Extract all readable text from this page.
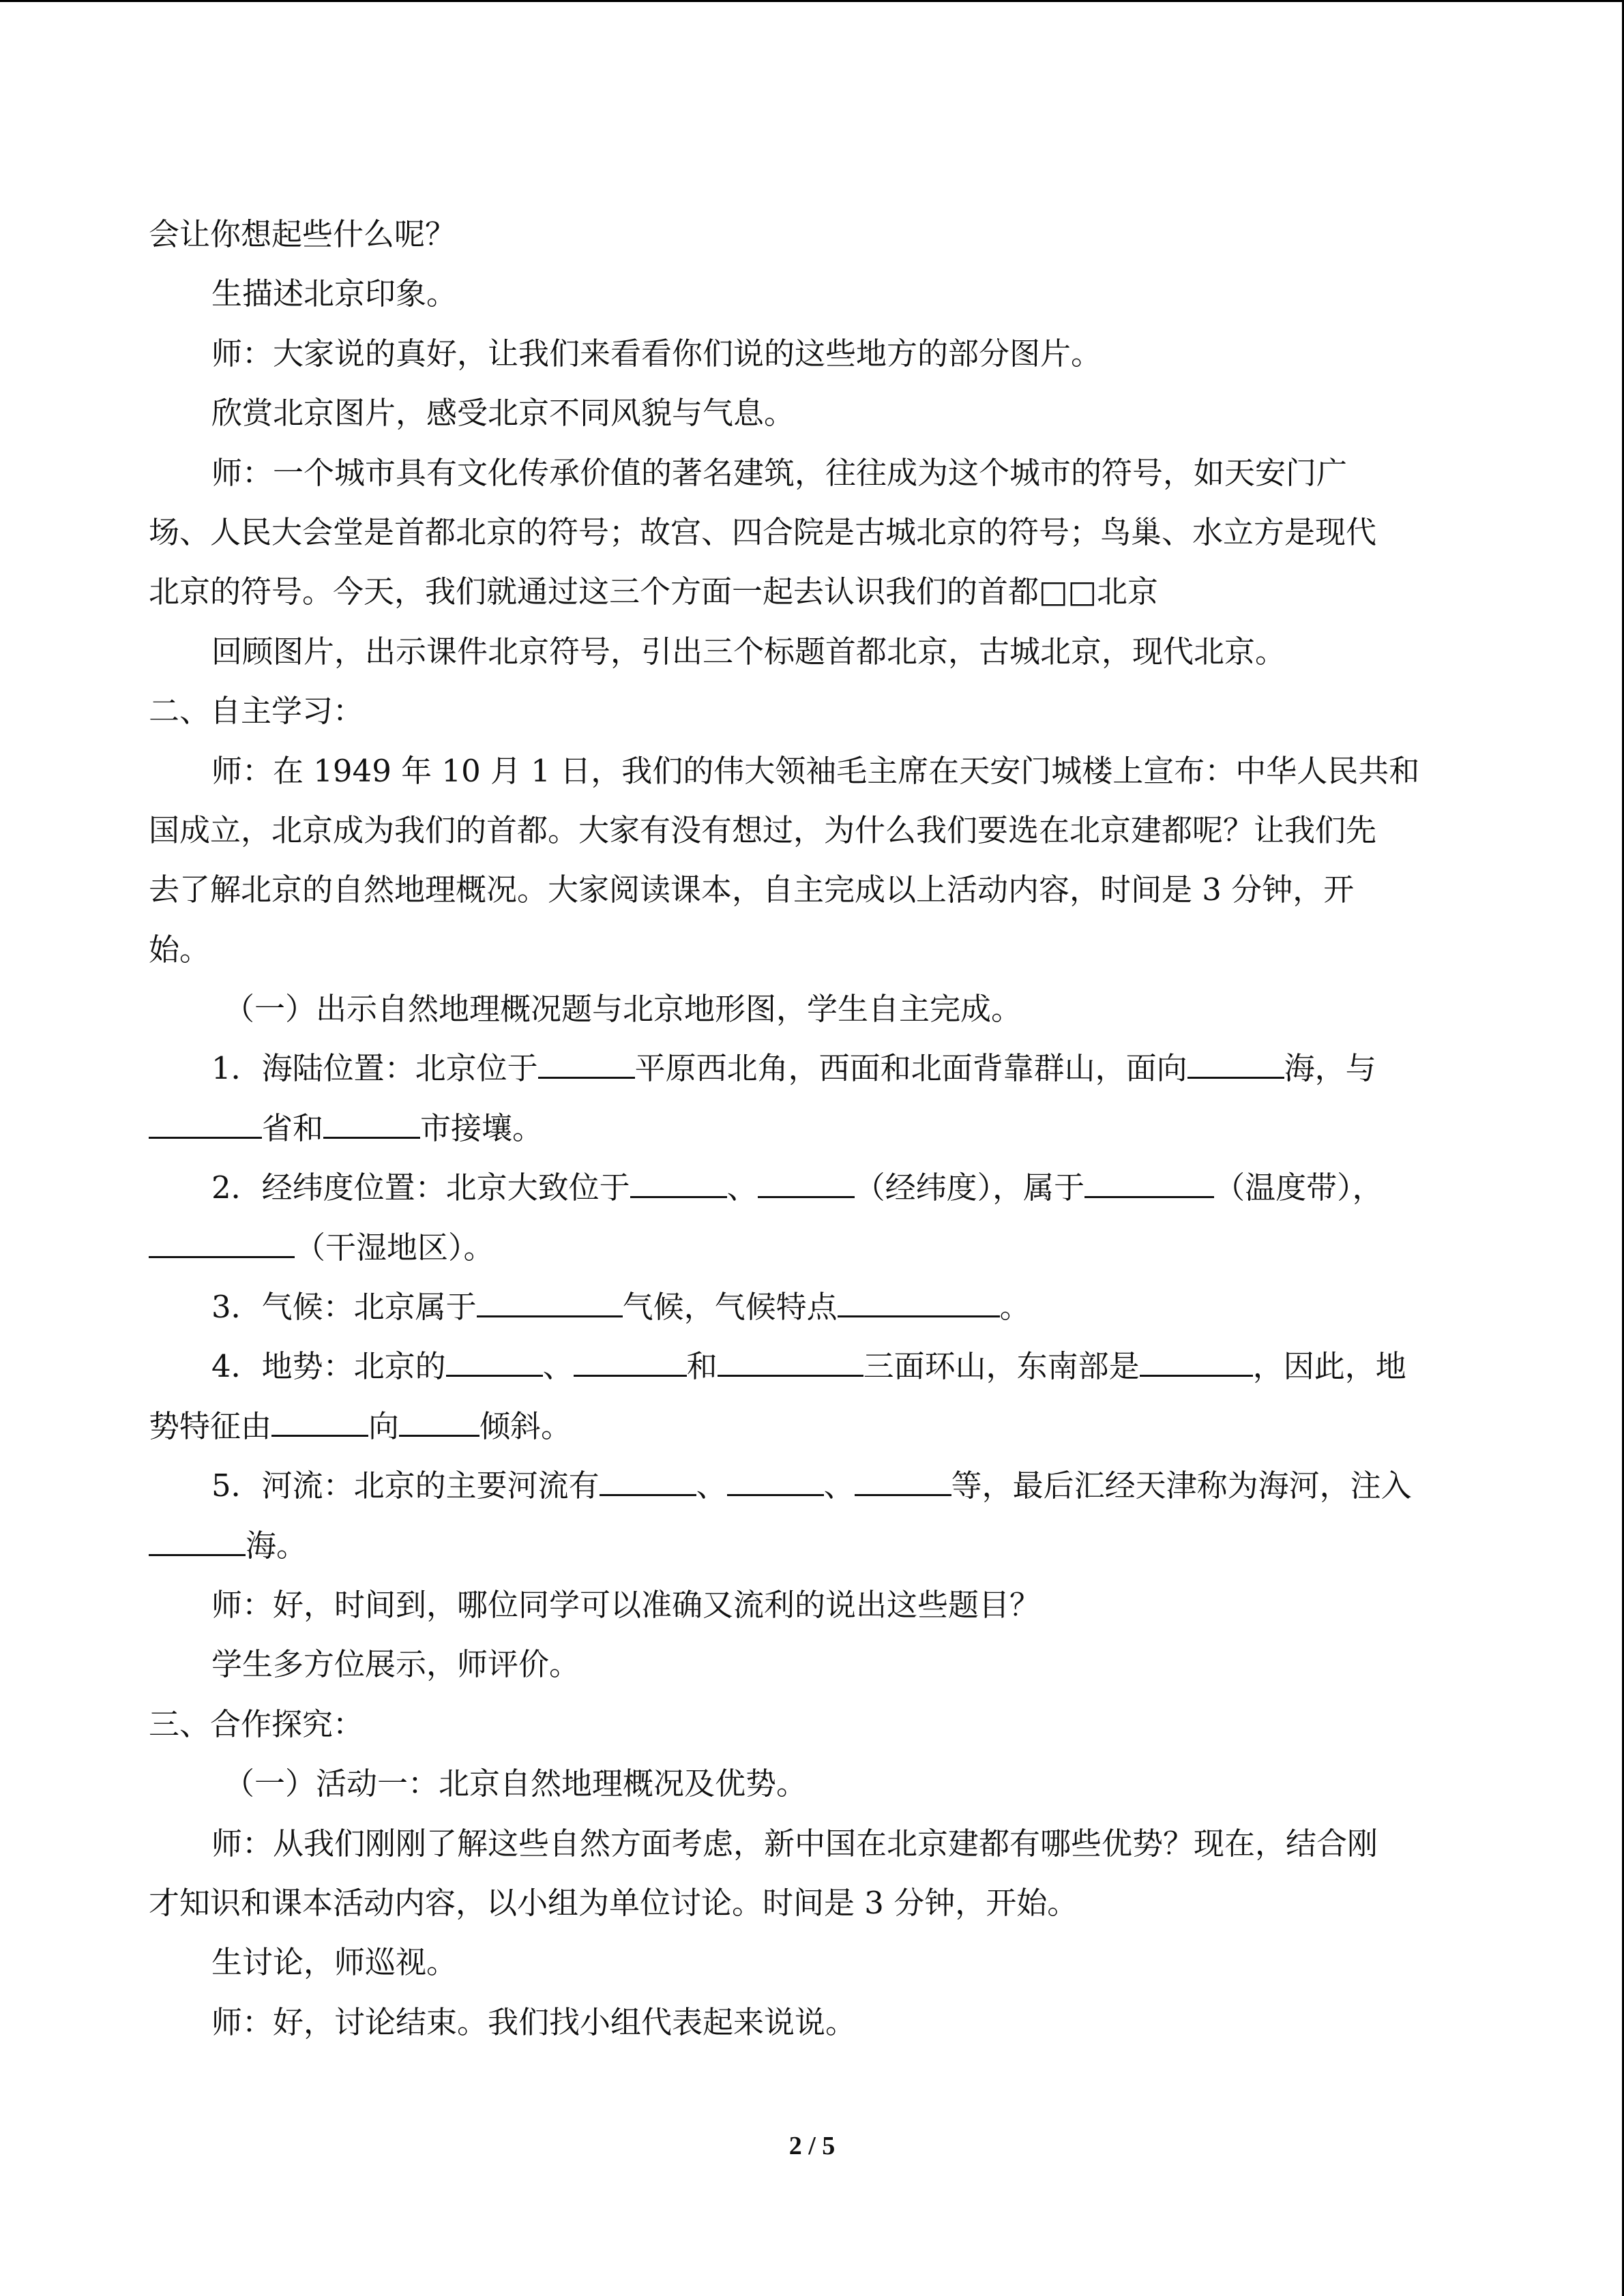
会让你想起些什么呢？
生描述北京印象。
师：大家说的真好，让我们来看看你们说的这些地方的部分图片。
欣赏北京图片，感受北京不同风貌与气息。
师：一个城市具有文化传承价值的著名建筑，往往成为这个城市的符号，如天安门广
场、人民大会堂是首都北京的符号；故宫、四合院是古城北京的符号；鸟巢、水立方是现代
北京的符号。今天，我们就通过这三个方面一起去认识我们的首都□□北京
回顾图片，出示课件北京符号，引出三个标题首都北京，古城北京，现代北京。
二、自主学习：
师：在 1949 年 10 月 1 日，我们的伟大领袖毛主席在天安门城楼上宣布：中华人民共和
国成立，北京成为我们的首都。大家有没有想过，为什么我们要选在北京建都呢？让我们先
去了解北京的自然地理概况。大家阅读课本，自主完成以上活动内容，时间是 3 分钟，开
始。
（一）出示自然地理概况题与北京地形图，学生自主完成。
1．海陆位置：北京位于	平原西北角，西面和北面背靠群山，面向	海，与
省和	市接壤。
2．经纬度位置：北京大致位于	、	（经纬度），属于	（温度带），
（干湿地区）。
3．气候：北京属于	气候，气候特点	。
4．地势：北京的	、	和	三面环山，东南部是	，因此，地
势特征由	向	倾斜。
5．河流：北京的主要河流有	、	、	等，最后汇经天津称为海河，注入
海。
师：好，时间到，哪位同学可以准确又流利的说出这些题目？
学生多方位展示，师评价。
三、合作探究：
（一）活动一：北京自然地理概况及优势。
师：从我们刚刚了解这些自然方面考虑，新中国在北京建都有哪些优势？现在，结合刚
才知识和课本活动内容，以小组为单位讨论。时间是 3 分钟，开始。
生讨论，师巡视。
师：好，讨论结束。我们找小组代表起来说说。
2 / 5
